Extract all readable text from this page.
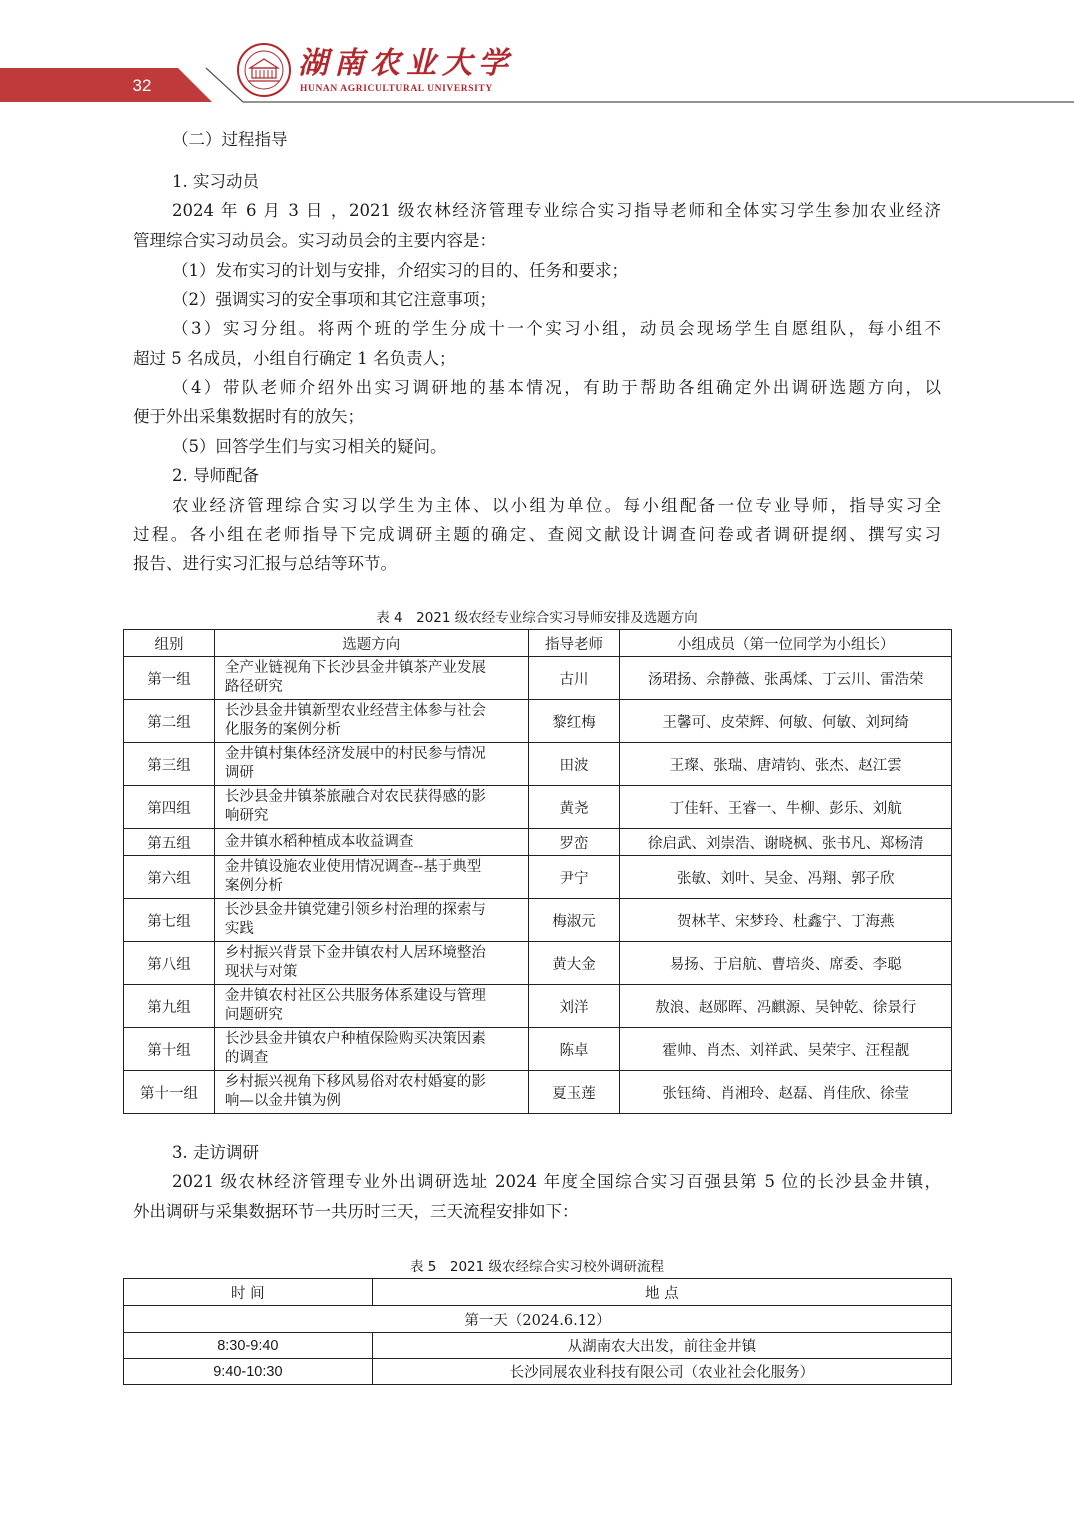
32
湖南农业大学
HUNAN AGRICULTURAL UNIVERSITY
（二）过程指导
1. 实习动员
2024 年 6 月 3 日 ，2021 级农林经济管理专业综合实习指导老师和全体实习学生参加农业经济
管理综合实习动员会。实习动员会的主要内容是：
（1）发布实习的计划与安排，介绍实习的目的、任务和要求；
（2）强调实习的安全事项和其它注意事项；
（3）实习分组。将两个班的学生分成十一个实习小组，动员会现场学生自愿组队，每小组不
超过 5 名成员，小组自行确定 1 名负责人；
（4）带队老师介绍外出实习调研地的基本情况，有助于帮助各组确定外出调研选题方向，以
便于外出采集数据时有的放矢；
（5）回答学生们与实习相关的疑问。
2. 导师配备
农业经济管理综合实习以学生为主体、以小组为单位。每小组配备一位专业导师，指导实习全
过程。各小组在老师指导下完成调研主题的确定、查阅文献设计调查问卷或者调研提纲、撰写实习
报告、进行实习汇报与总结等环节。
表 4　2021 级农经专业综合实习导师安排及选题方向
组别	选题方向	指导老师	小组成员（第一位同学为小组长）
第一组	全产业链视角下长沙县金井镇茶产业发展
路径研究	古川	汤珺扬、佘静薇、张禹煣、丁云川、雷浩荣
第二组	长沙县金井镇新型农业经营主体参与社会
化服务的案例分析	黎红梅	王馨可、皮荣辉、何敏、何敏、刘珂绮
第三组	金井镇村集体经济发展中的村民参与情况
调研	田波	王璨、张瑞、唐靖钧、张杰、赵江雲
第四组	长沙县金井镇茶旅融合对农民获得感的影
响研究	黄尧	丁佳轩、王睿一、牛柳、彭乐、刘航
第五组	金井镇水稻种植成本收益调查	罗峦	徐启武、刘崇浩、谢晓枫、张书凡、郑杨清
第六组	金井镇设施农业使用情况调查--基于典型
案例分析	尹宁	张敏、刘叶、吴金、冯翔、郭子欣
第七组	长沙县金井镇党建引领乡村治理的探索与
实践	梅淑元	贺林芊、宋梦玲、杜鑫宁、丁海燕
第八组	乡村振兴背景下金井镇农村人居环境整治
现状与对策	黄大金	易扬、于启航、曹培炎、席委、李聪
第九组	金井镇农村社区公共服务体系建设与管理
问题研究	刘洋	敖浪、赵郧晖、冯麒源、吴钟乾、徐景行
第十组	长沙县金井镇农户种植保险购买决策因素
的调查	陈卓	霍帅、肖杰、刘祥武、吴荣宇、汪程靓
第十一组	乡村振兴视角下移风易俗对农村婚宴的影
响—以金井镇为例	夏玉莲	张钰绮、肖湘玲、赵磊、肖佳欣、徐莹
3. 走访调研
2021 级农林经济管理专业外出调研选址 2024 年度全国综合实习百强县第 5 位的长沙县金井镇，
外出调研与采集数据环节一共历时三天，三天流程安排如下：
表 5　2021 级农经综合实习校外调研流程
时 间	地 点
第一天（2024.6.12）	
8:30-9:40	从湖南农大出发，前往金井镇
9:40-10:30	长沙同展农业科技有限公司（农业社会化服务）
